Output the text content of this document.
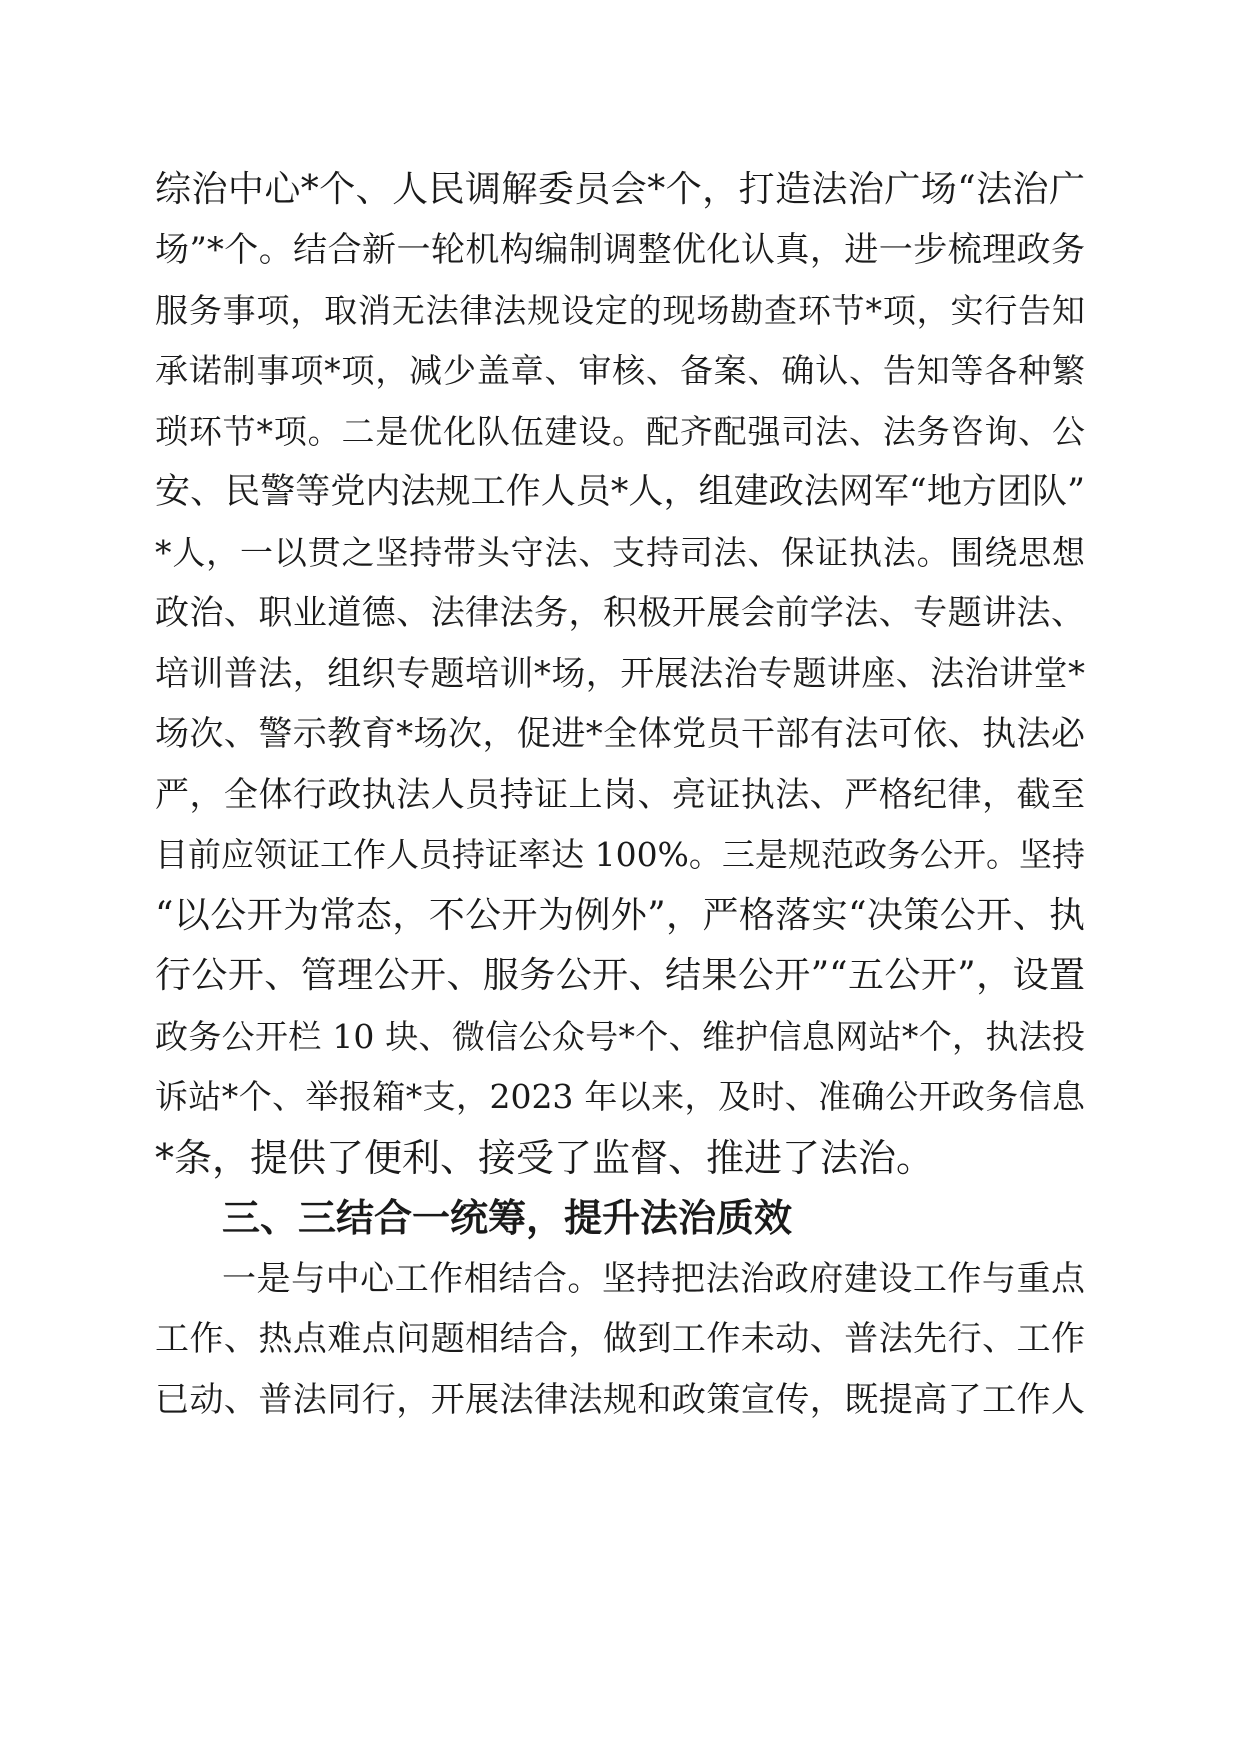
综治中心*个、人民调解委员会*个，打造法治广场“法治广
场”*个。结合新一轮机构编制调整优化认真，进一步梳理政务
服务事项，取消无法律法规设定的现场勘查环节*项，实行告知
承诺制事项*项，减少盖章、审核、备案、确认、告知等各种繁
琐环节*项。二是优化队伍建设。配齐配强司法、法务咨询、公
安、民警等党内法规工作人员*人，组建政法网军“地方团队”
*人，一以贯之坚持带头守法、支持司法、保证执法。围绕思想
政治、职业道德、法律法务，积极开展会前学法、专题讲法、
培训普法，组织专题培训*场，开展法治专题讲座、法治讲堂*
场次、警示教育*场次，促进*全体党员干部有法可依、执法必
严，全体行政执法人员持证上岗、亮证执法、严格纪律，截至
目前应领证工作人员持证率达 100%。三是规范政务公开。坚持
“以公开为常态，不公开为例外”，严格落实“决策公开、执
行公开、管理公开、服务公开、结果公开”“五公开”，设置
政务公开栏 10 块、微信公众号*个、维护信息网站*个，执法投
诉站*个、举报箱*支，2023 年以来，及时、准确公开政务信息
*条，提供了便利、接受了监督、推进了法治。
三、三结合一统筹，提升法治质效
一是与中心工作相结合。坚持把法治政府建设工作与重点
工作、热点难点问题相结合，做到工作未动、普法先行、工作
已动、普法同行，开展法律法规和政策宣传，既提高了工作人
